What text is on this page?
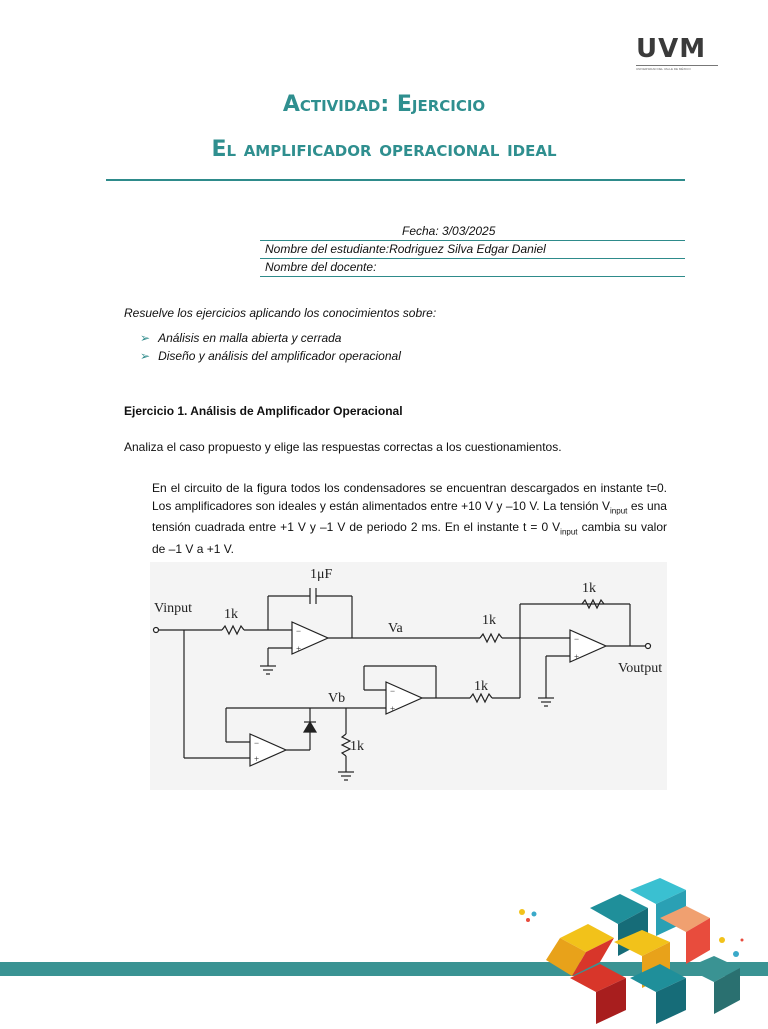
UVM
UNIVERSIDAD DEL VALLE DE MÉXICO
Actividad: Ejercicio
El amplificador operacional ideal
Fecha: 3/03/2025
Nombre del estudiante:Rodriguez Silva Edgar Daniel
Nombre del docente:
Resuelve los ejercicios aplicando los conocimientos sobre:
➢ Análisis en malla abierta y cerrada
➢ Diseño y análisis del amplificador operacional
Ejercicio 1. Análisis de Amplificador Operacional
Analiza el caso propuesto y elige las respuestas correctas a los cuestionamientos.
En el circuito de la figura todos los condensadores se encuentran descargados en instante t=0. Los amplificadores son ideales y están alimentados entre +10 V y –10 V. La tensión $V_{input}$ es una tensión cuadrada entre +1 V y –1 V de periodo 2 ms. En el instante t = 0 $V_{input}$ cambia su valor de –1 V a +1 V.
Vinput 1k
1μF
Va
1k
1k
Voutput
Vb
1k
1k
−
+
−
+
−
+
−
+
